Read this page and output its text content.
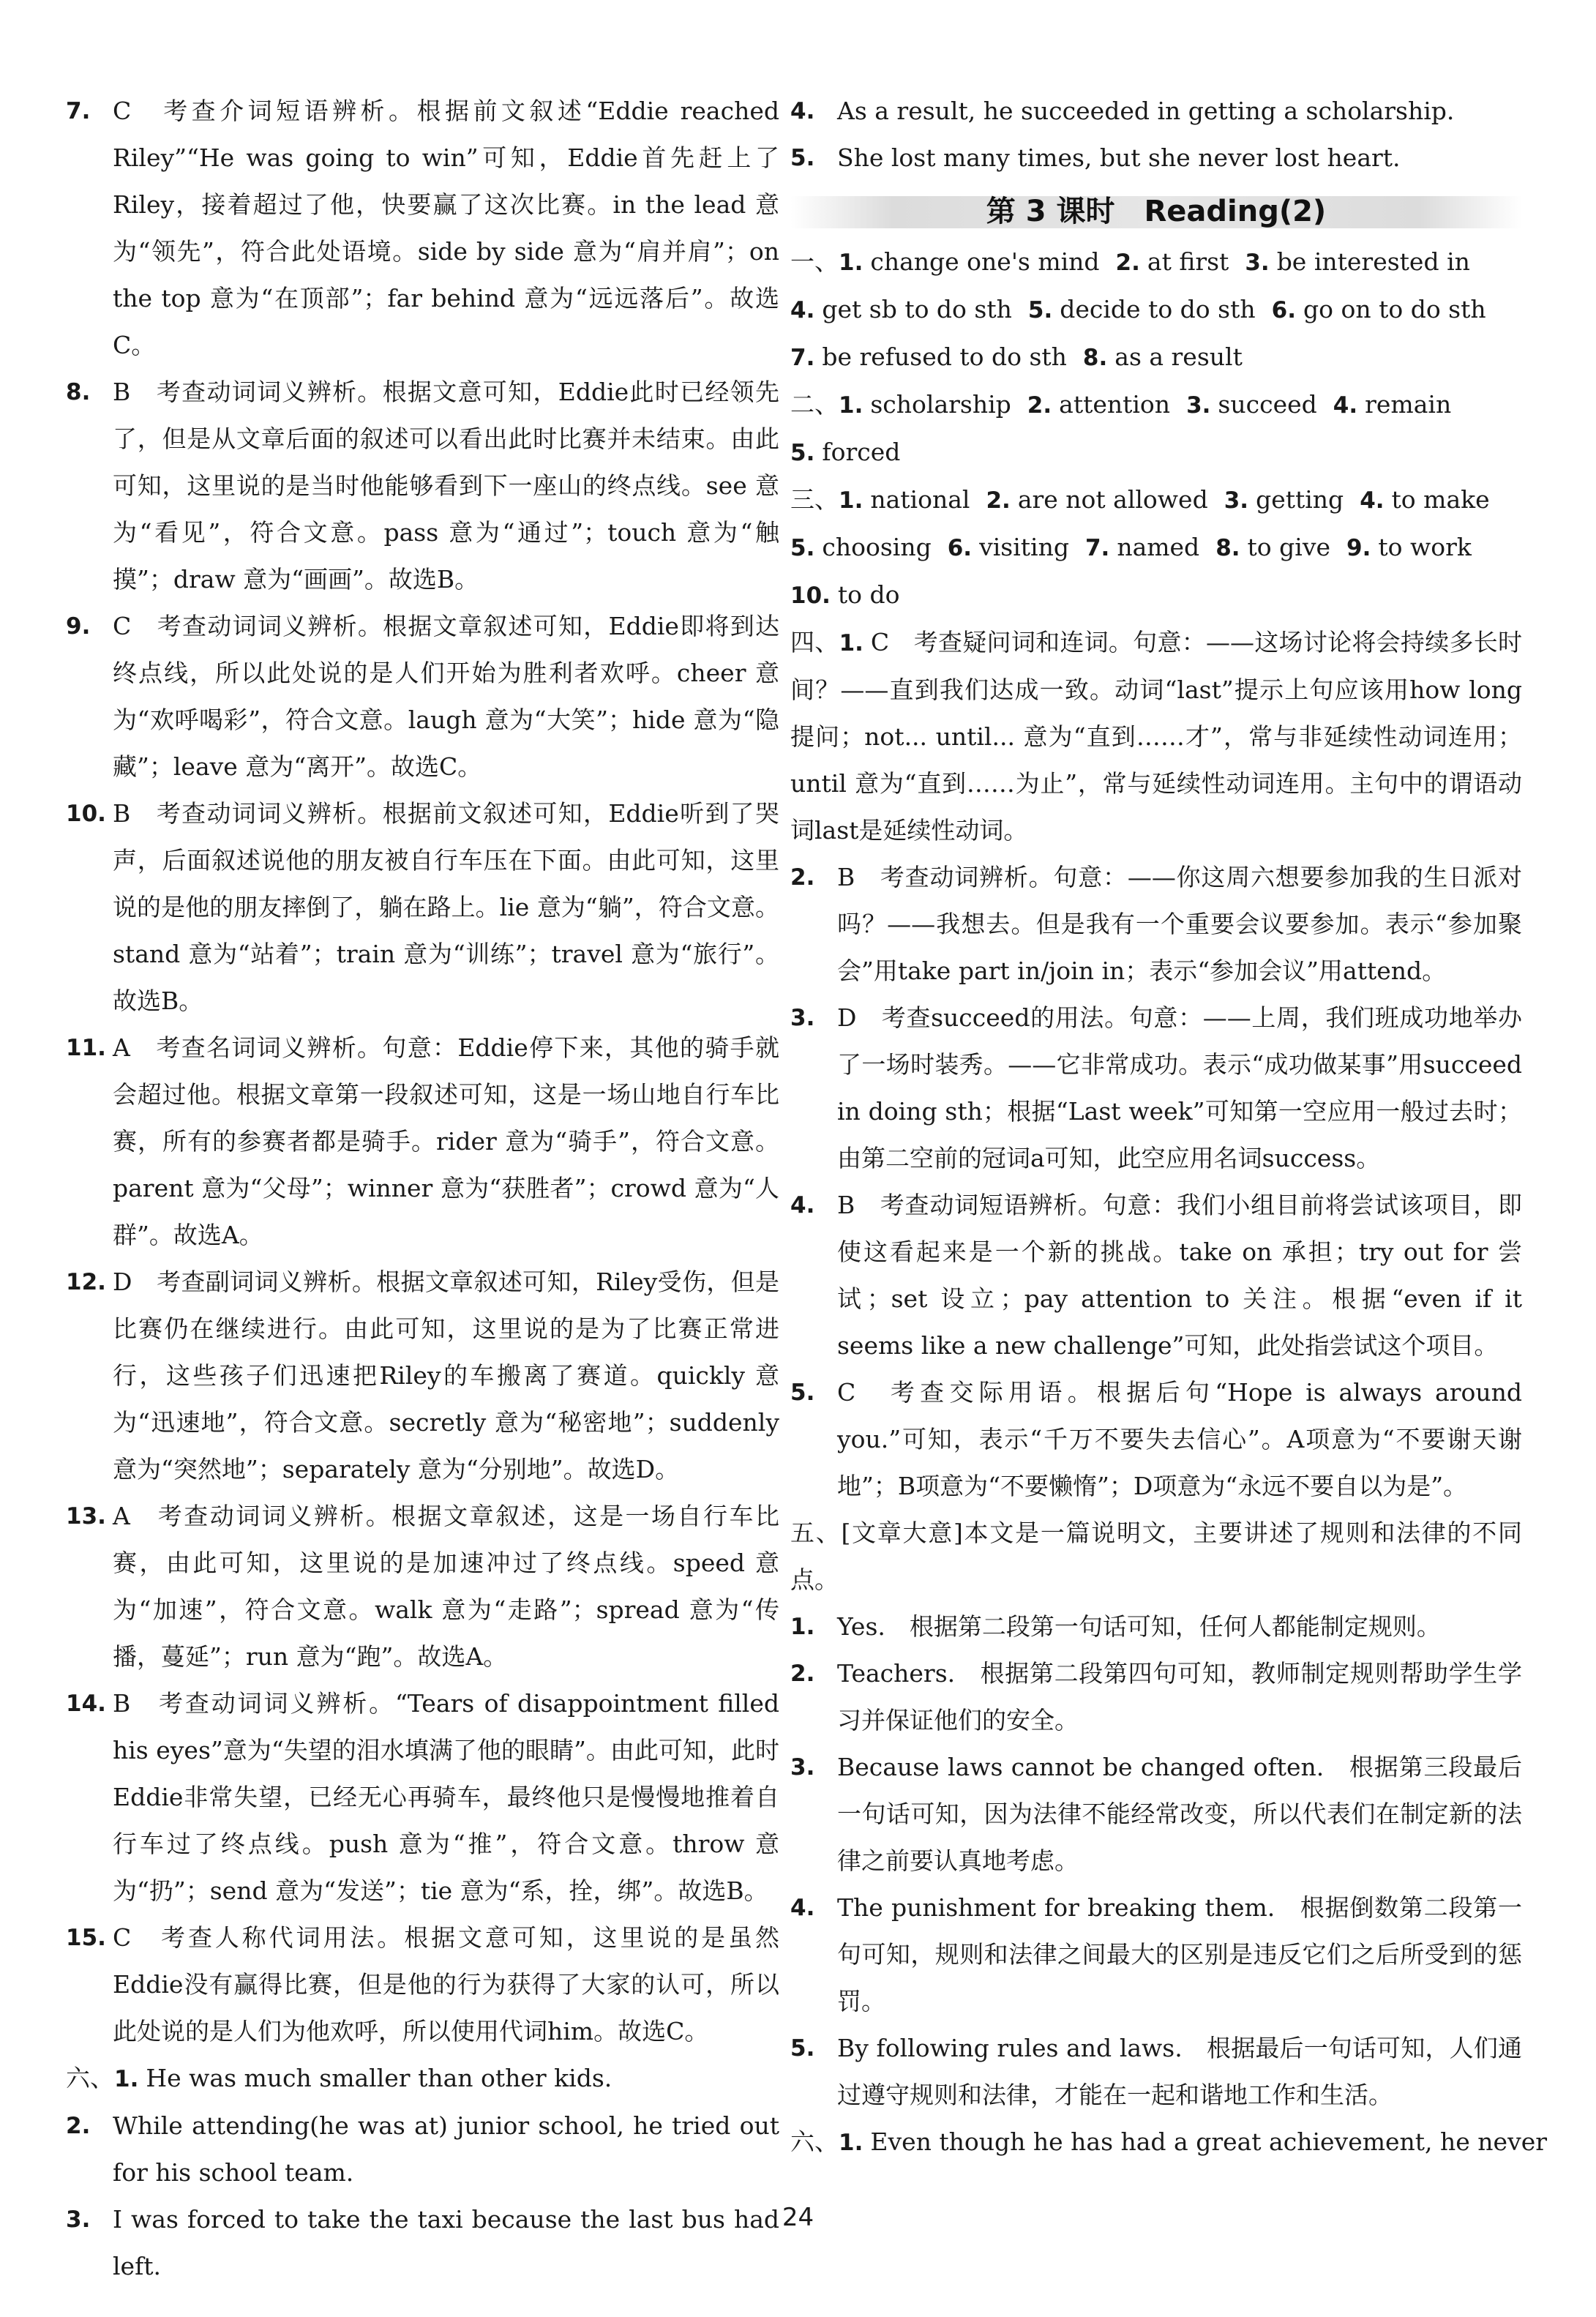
7. C　考查介词短语辨析。根据前文叙述“Eddie reached Riley”“He was going to win”可知，Eddie首先赶上了Riley，接着超过了他，快要赢了这次比赛。in the lead 意为“领先”，符合此处语境。side by side 意为“肩并肩”；on the top 意为“在顶部”；far behind 意为“远远落后”。故选C。

8. B　考查动词词义辨析。根据文意可知，Eddie此时已经领先了，但是从文章后面的叙述可以看出此时比赛并未结束。由此可知，这里说的是当时他能够看到下一座山的终点线。see 意为“看见”，符合文意。pass 意为“通过”；touch 意为“触摸”；draw 意为“画画”。故选B。

9. C　考查动词词义辨析。根据文章叙述可知，Eddie即将到达终点线，所以此处说的是人们开始为胜利者欢呼。cheer 意为“欢呼喝彩”，符合文意。laugh 意为“大笑”；hide 意为“隐藏”；leave 意为“离开”。故选C。

10. B　考查动词词义辨析。根据前文叙述可知，Eddie听到了哭声，后面叙述说他的朋友被自行车压在下面。由此可知，这里说的是他的朋友摔倒了，躺在路上。lie 意为“躺”，符合文意。stand 意为“站着”；train 意为“训练”；travel 意为“旅行”。故选B。

11. A　考查名词词义辨析。句意：Eddie停下来，其他的骑手就会超过他。根据文章第一段叙述可知，这是一场山地自行车比赛，所有的参赛者都是骑手。rider 意为“骑手”，符合文意。parent 意为“父母”；winner 意为“获胜者”；crowd 意为“人群”。故选A。

12. D　考查副词词义辨析。根据文章叙述可知，Riley受伤，但是比赛仍在继续进行。由此可知，这里说的是为了比赛正常进行，这些孩子们迅速把Riley的车搬离了赛道。quickly 意为“迅速地”，符合文意。secretly 意为“秘密地”；suddenly 意为“突然地”；separately 意为“分别地”。故选D。

13. A　考查动词词义辨析。根据文章叙述，这是一场自行车比赛，由此可知，这里说的是加速冲过了终点线。speed 意为“加速”，符合文意。walk 意为“走路”；spread 意为“传播，蔓延”；run 意为“跑”。故选A。

14. B　考查动词词义辨析。“Tears of disappointment filled his eyes”意为“失望的泪水填满了他的眼睛”。由此可知，此时Eddie非常失望，已经无心再骑车，最终他只是慢慢地推着自行车过了终点线。push 意为“推”，符合文意。throw 意为“扔”；send 意为“发送”；tie 意为“系，拴，绑”。故选B。

15. C　考查人称代词用法。根据文意可知，这里说的是虽然Eddie没有赢得比赛，但是他的行为获得了大家的认可，所以此处说的是人们为他欢呼，所以使用代词him。故选C。

六、1. He was much smaller than other kids.

2. While attending(he was at) junior school, he tried out for his school team.

3. I was forced to take the taxi because the last bus had left.

4. As a result, he succeeded in getting a scholarship.

5. She lost many times, but she never lost heart.

第 3 课时　Reading(2)

一、1. change one's mind 2. at first 3. be interested in

4. get sb to do sth 5. decide to do sth 6. go on to do sth

7. be refused to do sth 8. as a result

二、1. scholarship 2. attention 3. succeed 4. remain

5. forced

三、1. national 2. are not allowed 3. getting 4. to make

5. choosing 6. visiting 7. named 8. to give 9. to work

10. to do

四、1. C　考查疑问词和连词。句意：——这场讨论将会持续多长时间？——直到我们达成一致。动词“last”提示上句应该用how long提问；not... until... 意为“直到……才”，常与非延续性动词连用；until 意为“直到……为止”，常与延续性动词连用。主句中的谓语动词last是延续性动词。

2. B　考查动词辨析。句意：——你这周六想要参加我的生日派对吗？——我想去。但是我有一个重要会议要参加。表示“参加聚会”用take part in/join in；表示“参加会议”用attend。

3. D　考查succeed的用法。句意：——上周，我们班成功地举办了一场时装秀。——它非常成功。表示“成功做某事”用succeed in doing sth；根据“Last week”可知第一空应用一般过去时；由第二空前的冠词a可知，此空应用名词success。

4. B　考查动词短语辨析。句意：我们小组目前将尝试该项目，即使这看起来是一个新的挑战。take on 承担；try out for 尝试；set 设立；pay attention to 关注。根据“even if it seems like a new challenge”可知，此处指尝试这个项目。

5. C　考查交际用语。根据后句“Hope is always around you.”可知，表示“千万不要失去信心”。A项意为“不要谢天谢地”；B项意为“不要懒惰”；D项意为“永远不要自以为是”。

五、[文章大意]本文是一篇说明文，主要讲述了规则和法律的不同点。

1. Yes.　根据第二段第一句话可知，任何人都能制定规则。

2. Teachers.　根据第二段第四句可知，教师制定规则帮助学生学习并保证他们的安全。

3. Because laws cannot be changed often.　根据第三段最后一句话可知，因为法律不能经常改变，所以代表们在制定新的法律之前要认真地考虑。

4. The punishment for breaking them.　根据倒数第二段第一句可知，规则和法律之间最大的区别是违反它们之后所受到的惩罚。

5. By following rules and laws.　根据最后一句话可知，人们通过遵守规则和法律，才能在一起和谐地工作和生活。

六、1. Even though he has had a great achievement, he never

24
